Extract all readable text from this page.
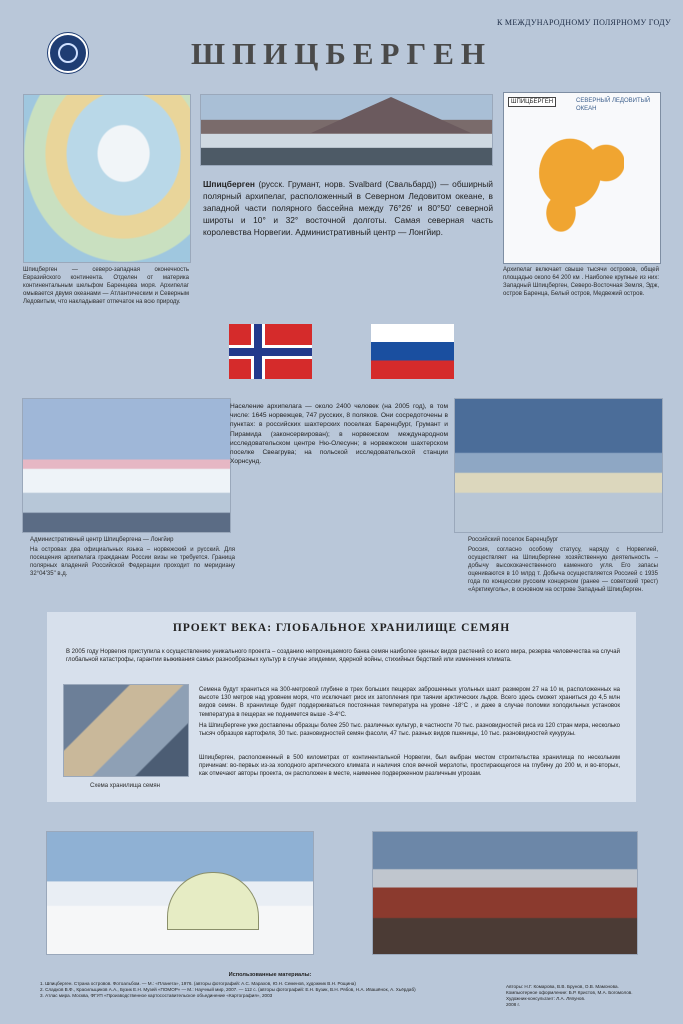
К МЕЖДУНАРОДНОМУ ПОЛЯРНОМУ ГОДУ
ШПИЦБЕРГЕН
Шпицберген — северо-западная оконечность Евразийского континента. Отделен от материка континентальным шельфом Баренцева моря. Архипелаг омывается двумя океанами — Атлантическим и Северным Ледовитым, что накладывает отпечаток на всю природу.
Шпицберген (русск. Грумант, норв. Svalbard (Свальбард)) — обширный полярный архипелаг, расположенный в Северном Ледовитом океане, в западной части полярного бассейна между 76°26' и 80°50' северной широты и 10° и 32° восточной долготы. Самая северная часть королевства Норвегии. Административный центр — Лонгйир.
ШПИЦБЕРГЕН	СЕВЕРНЫЙ ЛЕДОВИТЫЙ ОКЕАН
Архипелаг включает свыше тысячи островов, общей площадью около 64 200 км . Наиболее крупные из них: Западный Шпицберген, Северо-Восточная Земля, Эдж, остров Баренца, Белый остров, Медвежий остров.
Административный центр Шпицбергена — Лонгйир
На островах два официальных языка – норвежский и русский. Для посещения архипелага гражданам России визы не требуется. Граница полярных владений Российской Федерации проходит по меридиану 32°04'35" в.д.
Население архипелага — около 2400 человек (на 2005 год), в том числе: 1645 норвежцев, 747 русских, 8 поляков. Они сосредоточены в пунктах: в российских шахтерских поселках Баренцбург, Грумант и Пирамида (законсервирован); в норвежском международном исследовательском центре Ню-Олесунн; в норвежском шахтерском поселке Свеагрува; на польской исследовательской станции Хорнсунд.
Российский поселок Баренцбург
Россия, согласно особому статусу, наряду с Норвегией, осуществляет на Шпицбергене хозяйственную деятельность – добычу высококачественного каменного угля. Его запасы оцениваются в 10 млрд т. Добыча осуществляется Россией с 1935 года по концессии русским концерном (ранее — советский трест) «Арктикуголь», в основном на острове Западный Шпицберген.
ПРОЕКТ ВЕКА: ГЛОБАЛЬНОЕ ХРАНИЛИЩЕ СЕМЯН
В 2005 году Норвегия приступила к осуществлению уникального проекта – созданию непроницаемого банка семян наиболее ценных видов растений со всего мира, резерва человечества на случай глобальной катастрофы, гарантии выживания самых разнообразных культур в случае эпидемии, ядерной войны, стихийных бедствий или изменения климата.
Схема хранилища семян
Семена будут храниться на 300-метровой глубине в трех больших пещерах заброшенных угольных шахт размером 27 на 10 м, расположенных на высоте 130 метров над уровнем моря, что исключает риск их затопления при таянии арктических льдов. Всего здесь сможет храниться до 4,5 млн видов семян. В хранилище будет поддерживаться постоянная температура на уровне -18°С , и даже в случае поломки холодильных установок температура в пещерах не поднимется выше -3-4°С.
На Шпицбергене уже доставлены образцы более 250 тыс. различных культур, в частности 70 тыс. разновидностей риса из 120 стран мира, несколько тысяч образцов картофеля, 30 тыс. разновидностей семян фасоли, 47 тыс. разных видов пшеницы, 10 тыс. разновидностей кукурузы.
Шпицберген, расположенный в 500 километрах от континентальной Норвегии, был выбран местом строительства хранилища по нескольким причинам: во-первых из-за холодного арктического климата и наличия слоя вечной мерзлоты, простирающегося на глубину до 200 м, и во-вторых, как отмечают авторы проекта, он расположен в месте, наименее подверженном различным угрозам.
Использованные материалы:
1. Шпицберген. Страна островов. Фотоальбом. — М.: «Планета», 1976. (авторы фотографий: А.С. Марахов, Ю.Н. Семенов, художник В.Н. Рощина)
2. Сладков В.Ф., Красильщиков А.А., Бузик Е.Н. Музей «ПОМОР» — М.: Научный мир, 2007. — 112 с. (авторы фотографий: Е.Н. Бузик, В.Н. Рябов, Н.А. Ивашёнок, А. Хьёрдаб)
3. Атлас мира. Москва, ФГУП «Производственное картосоставительское объединение «Картография», 2003
Авторы: Н.Г. Комарова, В.В. Брунов, О.В. Мамонова.
Компьютерное оформление: Б.Р. Кристов, М.А. Богомолов.
Художник-консультант: Л.А. Ляпунов.
2008 г.
